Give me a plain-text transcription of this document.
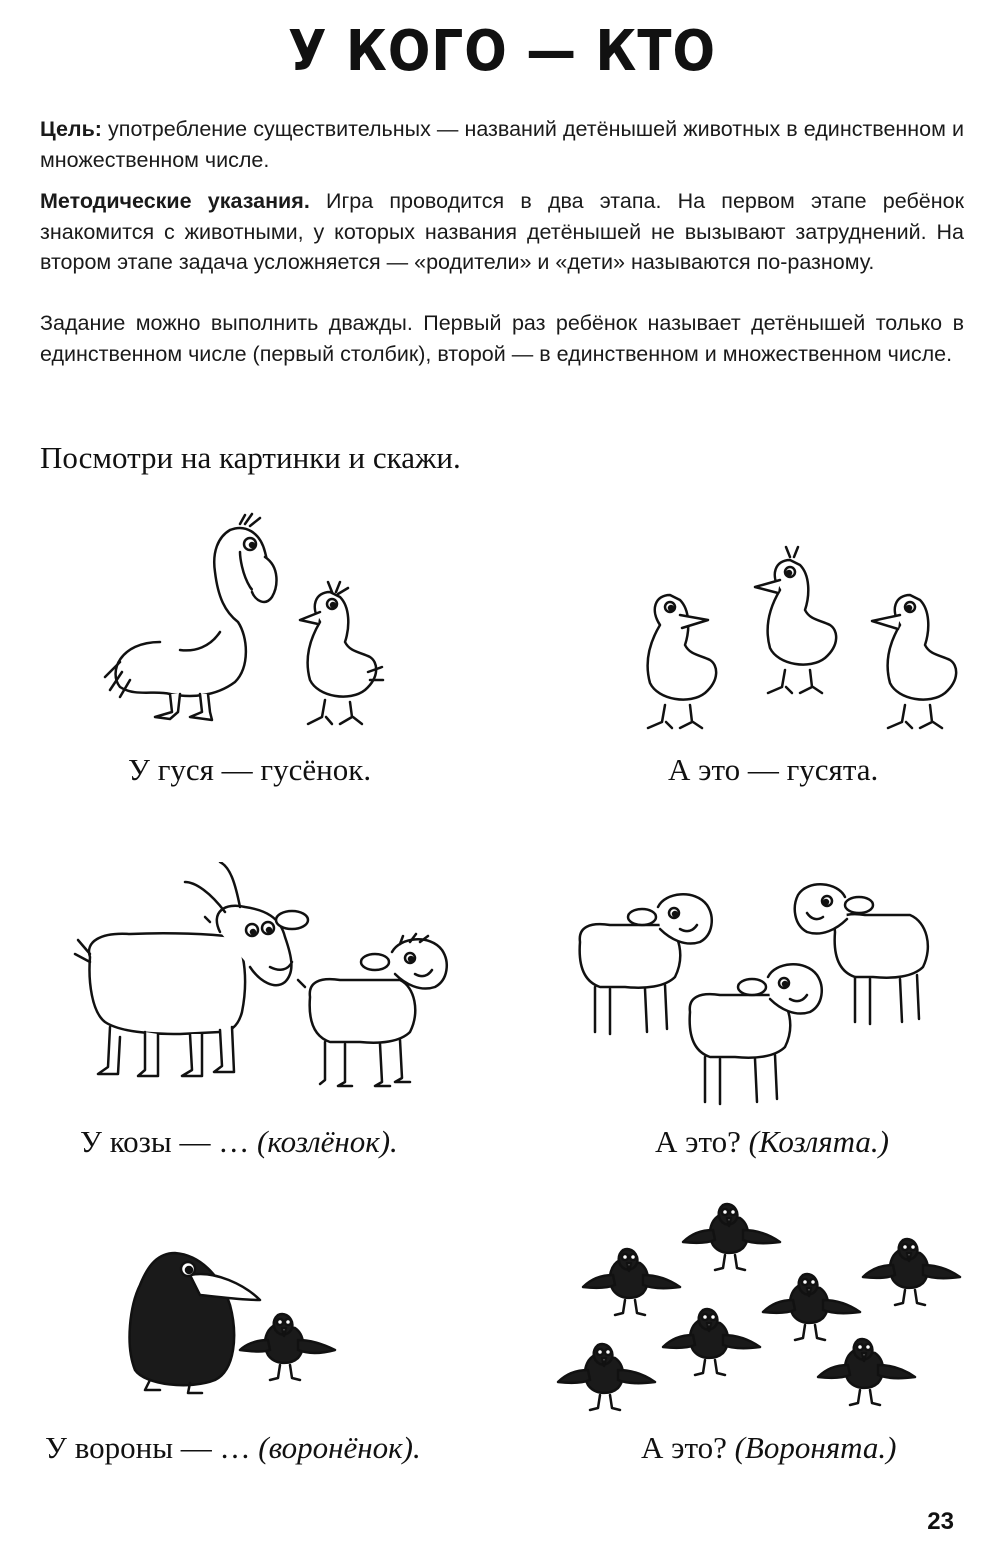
У КОГО — КТО
Цель: употребление существительных — названий детёнышей животных в единственном и множественном числе.
Методические указания. Игра проводится в два этапа. На первом этапе ребёнок знакомится с животными, у которых названия детёнышей не вызывают затруднений. На втором этапе задача усложняется — «родители» и «дети» называются по-разному.
Задание можно выполнить дважды. Первый раз ребёнок называет детёнышей только в единственном числе (первый столбик), второй — в единственном и множественном числе.
Посмотри на картинки и скажи.
У гуся — гусёнок.	А это — гусята.
У козы — … (козлёнок).	А это? (Козлята.)
У вороны — … (воронёнок).	А это? (Воронята.)
23
